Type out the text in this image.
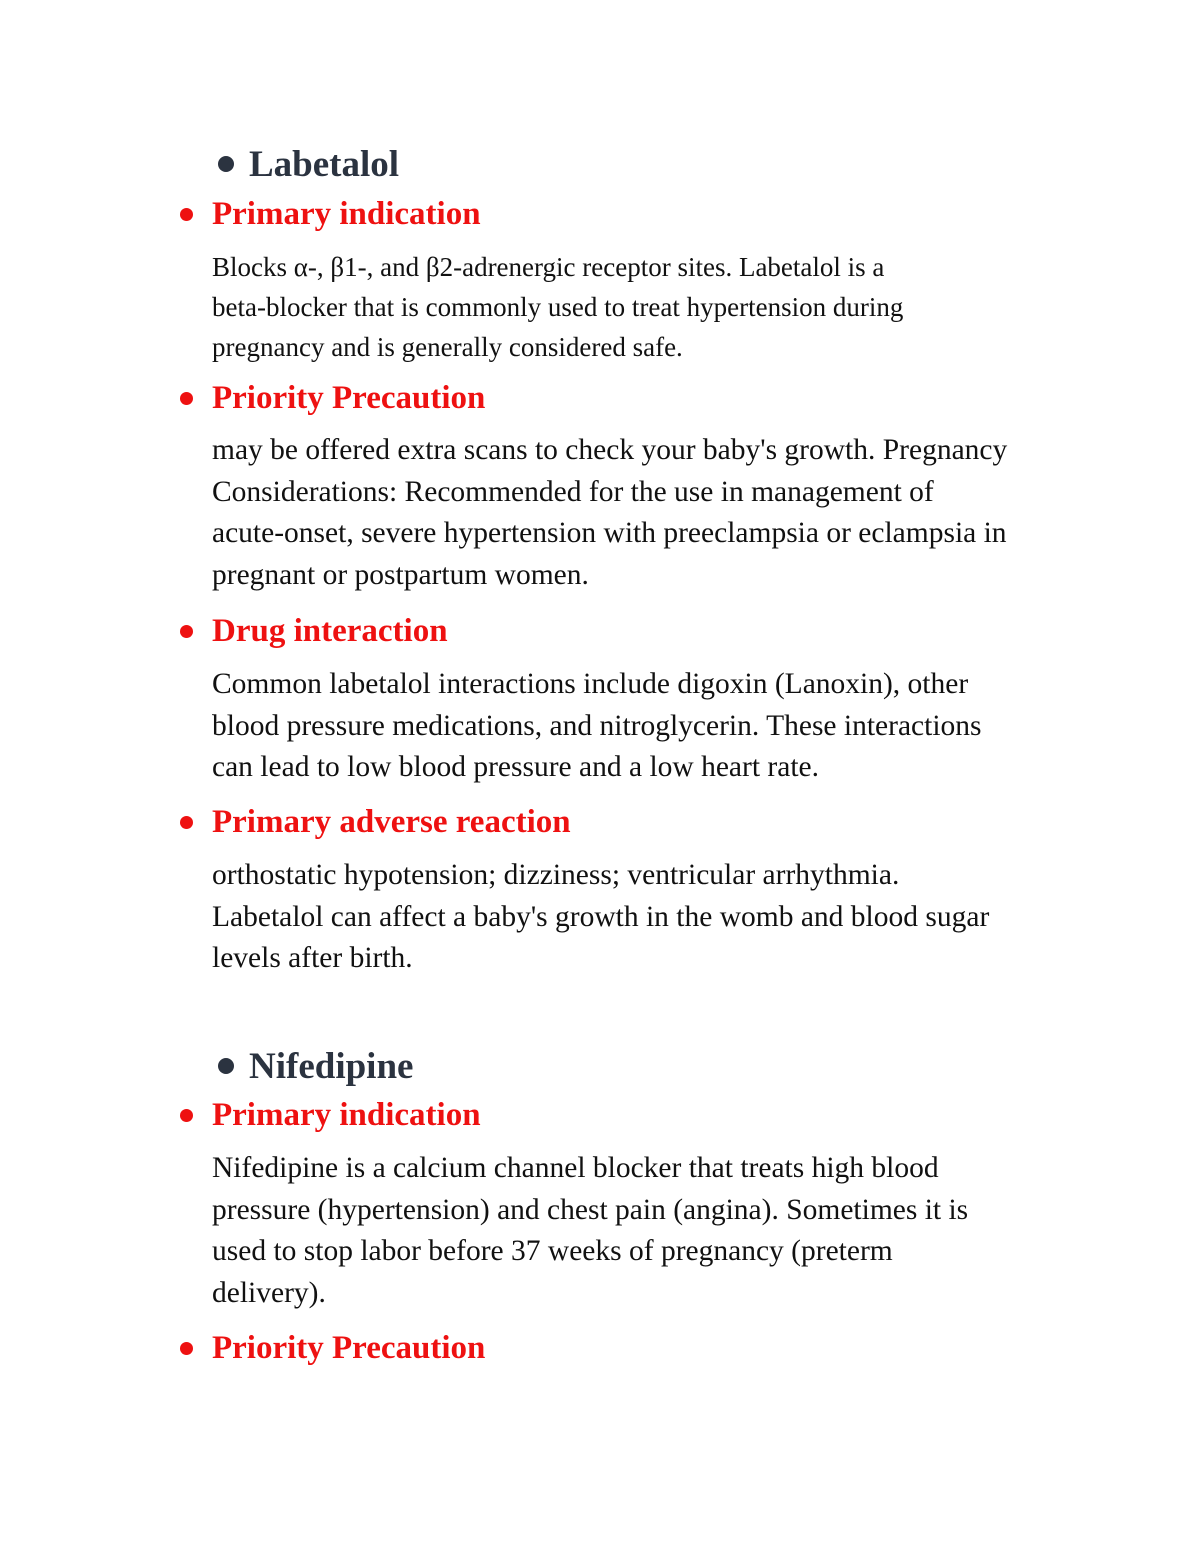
Labetalol
Primary indication
Blocks α-, β1-, and β2-adrenergic receptor sites. Labetalol is a
beta-blocker that is commonly used to treat hypertension during
pregnancy and is generally considered safe.
Priority Precaution
may be offered extra scans to check your baby's growth. Pregnancy
Considerations: Recommended for the use in management of
acute-onset, severe hypertension with preeclampsia or eclampsia in
pregnant or postpartum women.
Drug interaction
Common labetalol interactions include digoxin (Lanoxin), other
blood pressure medications, and nitroglycerin. These interactions
can lead to low blood pressure and a low heart rate.
Primary adverse reaction
orthostatic hypotension; dizziness; ventricular arrhythmia.
Labetalol can affect a baby's growth in the womb and blood sugar
levels after birth.
Nifedipine
Primary indication
Nifedipine is a calcium channel blocker that treats high blood
pressure (hypertension) and chest pain (angina). Sometimes it is
used to stop labor before 37 weeks of pregnancy (preterm
delivery).
Priority Precaution
